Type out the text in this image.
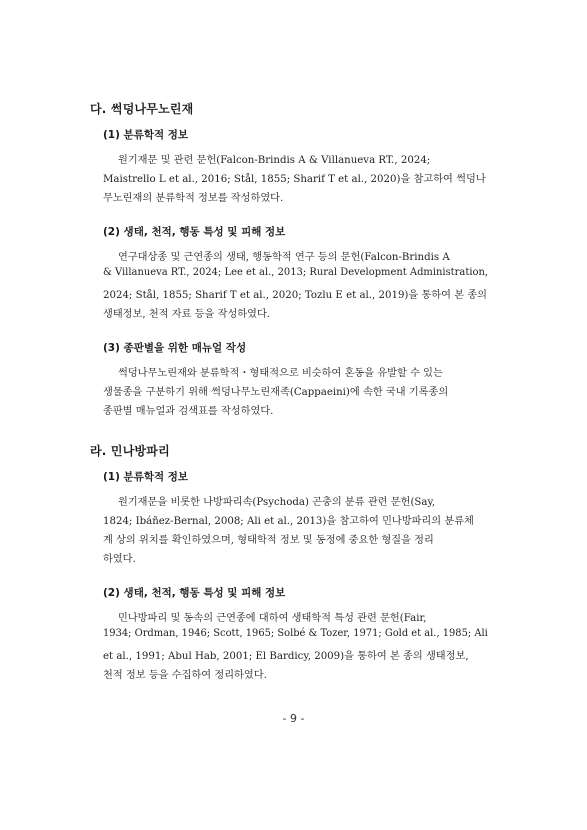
다. 썩덩나무노린재
(1) 분류학적 정보
원기재문 및 관련 문헌(Falcon-Brindis A & Villanueva RT., 2024;
Maistrello L et al., 2016; Stål, 1855; Sharif T et al., 2020)을 참고하여 썩덩나
무노린재의 분류학적 정보를 작성하였다.
(2) 생태, 천적, 행동 특성 및 피해 정보
연구대상종 및 근연종의 생태, 행동학적 연구 등의 문헌(Falcon-Brindis A
& Villanueva RT., 2024; Lee et al., 2013; Rural Development Administration,
2024; Stål, 1855; Sharif T et al., 2020; Tozlu E et al., 2019)을 통하여 본 종의
생태정보, 천적 자료 등을 작성하였다.
(3) 종판별을 위한 매뉴얼 작성
썩덩나무노린재와 분류학적・형태적으로 비슷하여 혼동을 유발할 수 있는
생물종을 구분하기 위해 썩덩나무노린재족(Cappaeini)에 속한 국내 기록종의
종판별 매뉴얼과 검색표를 작성하였다.
라. 민나방파리
(1) 분류학적 정보
원기재문을 비롯한 나방파리속(Psychoda) 곤충의 분류 관련 문헌(Say,
1824; Ibáñez-Bernal, 2008; Ali et al., 2013)을 참고하여 민나방파리의 분류체
계 상의 위치를 확인하였으며, 형태학적 정보 및 동정에 중요한 형질을 정리
하였다.
(2) 생태, 천적, 행동 특성 및 피해 정보
민나방파리 및 동속의 근연종에 대하여 생태학적 특성 관련 문헌(Fair,
1934; Ordman, 1946; Scott, 1965; Solbé & Tozer, 1971; Gold et al., 1985; Ali
et al., 1991; Abul Hab, 2001; El Bardicy, 2009)을 통하여 본 종의 생태정보,
천적 정보 등을 수집하여 정리하였다.
- 9 -
